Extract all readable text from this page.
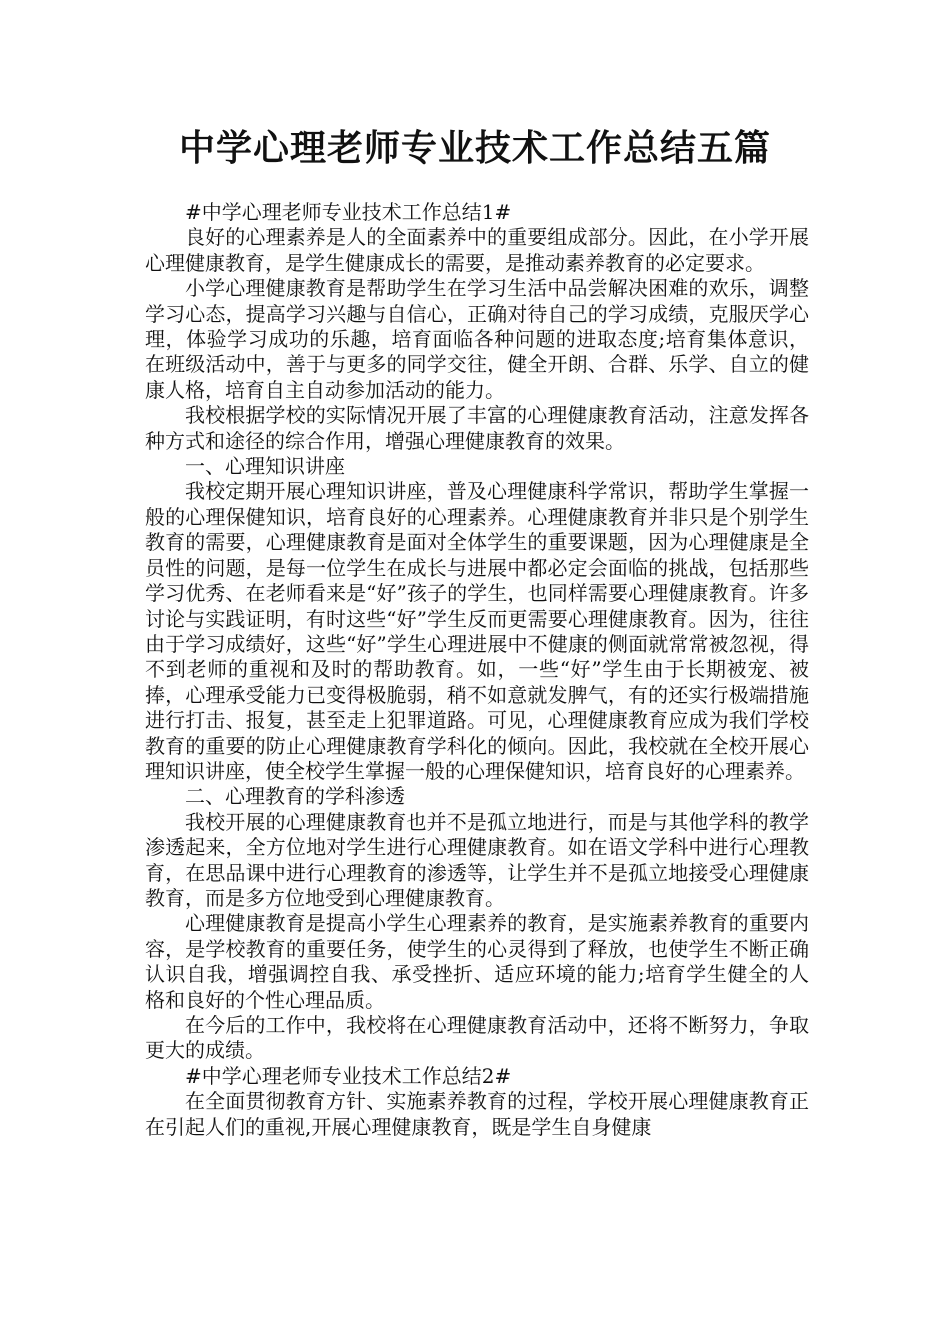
中学心理老师专业技术工作总结五篇

#中学心理老师专业技术工作总结1#

良好的心理素养是人的全面素养中的重要组成部分。因此，在小学开展心理健康教育，是学生健康成长的需要，是推动素养教育的必定要求。

小学心理健康教育是帮助学生在学习生活中品尝解决困难的欢乐，调整学习心态，提高学习兴趣与自信心，正确对待自己的学习成绩，克服厌学心理，体验学习成功的乐趣，培育面临各种问题的进取态度;培育集体意识，在班级活动中，善于与更多的同学交往，健全开朗、合群、乐学、自立的健康人格，培育自主自动参加活动的能力。

我校根据学校的实际情况开展了丰富的心理健康教育活动，注意发挥各种方式和途径的综合作用，增强心理健康教育的效果。

一、心理知识讲座

我校定期开展心理知识讲座，普及心理健康科学常识，帮助学生掌握一般的心理保健知识，培育良好的心理素养。心理健康教育并非只是个别学生教育的需要，心理健康教育是面对全体学生的重要课题，因为心理健康是全员性的问题，是每一位学生在成长与进展中都必定会面临的挑战，包括那些学习优秀、在老师看来是“好”孩子的学生，也同样需要心理健康教育。许多讨论与实践证明，有时这些“好”学生反而更需要心理健康教育。因为，往往由于学习成绩好，这些“好”学生心理进展中不健康的侧面就常常被忽视，得不到老师的重视和及时的帮助教育。如，一些“好”学生由于长期被宠、被捧，心理承受能力已变得极脆弱，稍不如意就发脾气，有的还实行极端措施进行打击、报复，甚至走上犯罪道路。可见，心理健康教育应成为我们学校教育的重要的防止心理健康教育学科化的倾向。因此，我校就在全校开展心理知识讲座，使全校学生掌握一般的心理保健知识，培育良好的心理素养。

二、心理教育的学科渗透

我校开展的心理健康教育也并不是孤立地进行，而是与其他学科的教学渗透起来，全方位地对学生进行心理健康教育。如在语文学科中进行心理教育，在思品课中进行心理教育的渗透等，让学生并不是孤立地接受心理健康教育，而是多方位地受到心理健康教育。

心理健康教育是提高小学生心理素养的教育，是实施素养教育的重要内容，是学校教育的重要任务，使学生的心灵得到了释放，也使学生不断正确认识自我，增强调控自我、承受挫折、适应环境的能力;培育学生健全的人格和良好的个性心理品质。

在今后的工作中，我校将在心理健康教育活动中，还将不断努力，争取更大的成绩。

#中学心理老师专业技术工作总结2#

在全面贯彻教育方针、实施素养教育的过程，学校开展心理健康教育正在引起人们的重视,开展心理健康教育，既是学生自身健康
